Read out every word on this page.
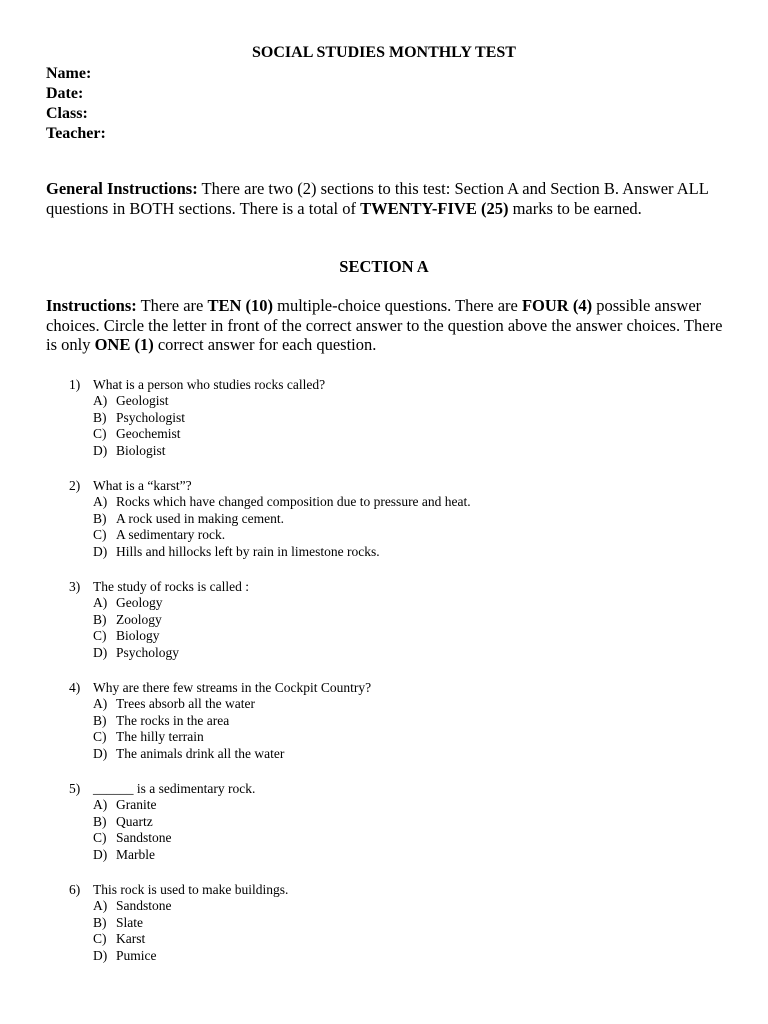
SOCIAL STUDIES MONTHLY TEST
Name:
Date:
Class:
Teacher:
General Instructions: There are two (2) sections to this test: Section A and Section B. Answer ALL questions in BOTH sections. There is a total of TWENTY-FIVE (25) marks to be earned.
SECTION A
Instructions: There are TEN (10) multiple-choice questions. There are FOUR (4) possible answer choices. Circle the letter in front of the correct answer to the question above the answer choices. There is only ONE (1) correct answer for each question.
1) What is a person who studies rocks called?
A) Geologist
B) Psychologist
C) Geochemist
D) Biologist
2) What is a “karst”?
A) Rocks which have changed composition due to pressure and heat.
B) A rock used in making cement.
C) A sedimentary rock.
D) Hills and hillocks left by rain in limestone rocks.
3) The study of rocks is called :
A) Geology
B) Zoology
C) Biology
D) Psychology
4) Why are there few streams in the Cockpit Country?
A) Trees absorb all the water
B) The rocks in the area
C) The hilly terrain
D) The animals drink all the water
5) ______ is a sedimentary rock.
A) Granite
B) Quartz
C) Sandstone
D) Marble
6) This rock is used to make buildings.
A) Sandstone
B) Slate
C) Karst
D) Pumice
